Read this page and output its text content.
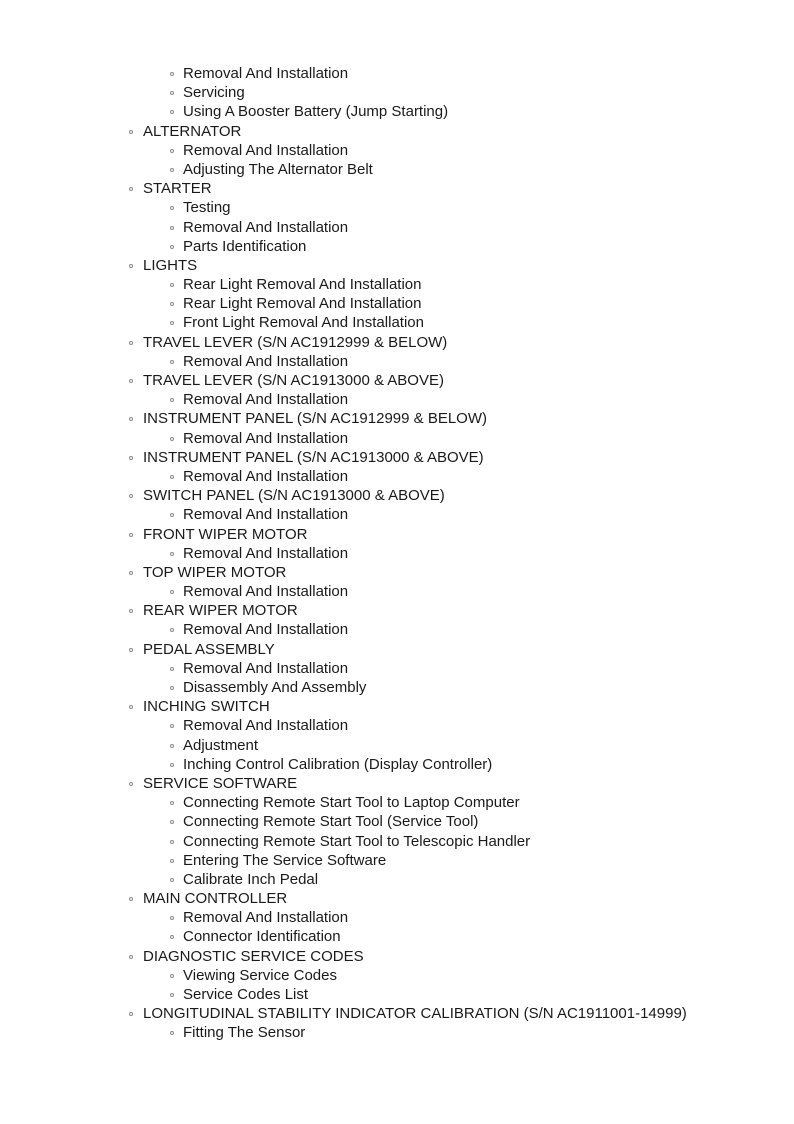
Removal And Installation
Servicing
Using A Booster Battery (Jump Starting)
ALTERNATOR
Removal And Installation
Adjusting The Alternator Belt
STARTER
Testing
Removal And Installation
Parts Identification
LIGHTS
Rear Light Removal And Installation
Rear Light Removal And Installation
Front Light Removal And Installation
TRAVEL LEVER (S/N AC1912999 & BELOW)
Removal And Installation
TRAVEL LEVER (S/N AC1913000 & ABOVE)
Removal And Installation
INSTRUMENT PANEL (S/N AC1912999 & BELOW)
Removal And Installation
INSTRUMENT PANEL (S/N AC1913000 & ABOVE)
Removal And Installation
SWITCH PANEL (S/N AC1913000 & ABOVE)
Removal And Installation
FRONT WIPER MOTOR
Removal And Installation
TOP WIPER MOTOR
Removal And Installation
REAR WIPER MOTOR
Removal And Installation
PEDAL ASSEMBLY
Removal And Installation
Disassembly And Assembly
INCHING SWITCH
Removal And Installation
Adjustment
Inching Control Calibration (Display Controller)
SERVICE SOFTWARE
Connecting Remote Start Tool to Laptop Computer
Connecting Remote Start Tool (Service Tool)
Connecting Remote Start Tool to Telescopic Handler
Entering The Service Software
Calibrate Inch Pedal
MAIN CONTROLLER
Removal And Installation
Connector Identification
DIAGNOSTIC SERVICE CODES
Viewing Service Codes
Service Codes List
LONGITUDINAL STABILITY INDICATOR CALIBRATION (S/N AC1911001-14999)
Fitting The Sensor
